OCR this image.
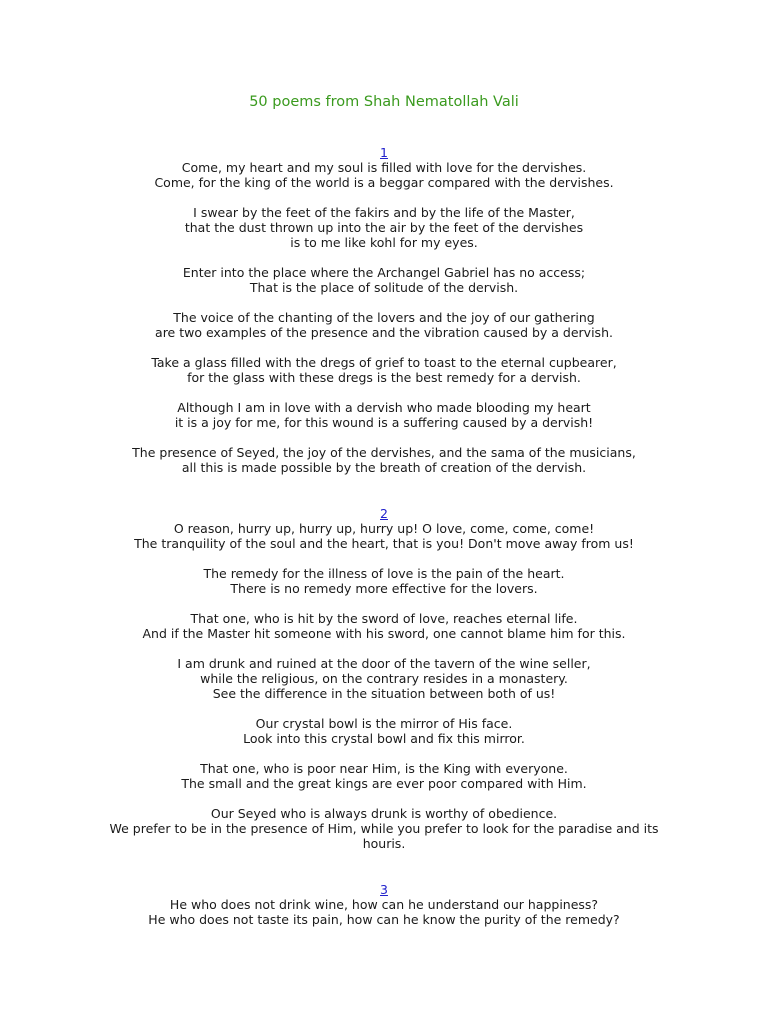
50 poems from Shah Nematollah Vali
1
Come, my heart and my soul is filled with love for the dervishes.
Come, for the king of the world is a beggar compared with the dervishes.
I swear by the feet of the fakirs and by the life of the Master,
that the dust thrown up into the air by the feet of the dervishes
is to me like kohl for my eyes.
Enter into the place where the Archangel Gabriel has no access;
That is the place of solitude of the dervish.
The voice of the chanting of the lovers and the joy of our gathering
are two examples of the presence and the vibration caused by a dervish.
Take a glass filled with the dregs of grief to toast to the eternal cupbearer,
for the glass with these dregs is the best remedy for a dervish.
Although I am in love with a dervish who made blooding my heart
it is a joy for me, for this wound is a suffering caused by a dervish!
The presence of Seyed, the joy of the dervishes, and the sama of the musicians,
all this is made possible by the breath of creation of the dervish.
2
O reason, hurry up, hurry up, hurry up! O love, come, come, come!
The tranquility of the soul and the heart, that is you! Don't move away from us!
The remedy for the illness of love is the pain of the heart.
There is no remedy more effective for the lovers.
That one, who is hit by the sword of love, reaches eternal life.
And if the Master hit someone with his sword, one cannot blame him for this.
I am drunk and ruined at the door of the tavern of the wine seller,
while the religious, on the contrary resides in a monastery.
See the difference in the situation between both of us!
Our crystal bowl is the mirror of His face.
Look into this crystal bowl and fix this mirror.
That one, who is poor near Him, is the King with everyone.
The small and the great kings are ever poor compared with Him.
Our Seyed who is always drunk is worthy of obedience.
We prefer to be in the presence of Him, while you prefer to look for the paradise and its houris.
3
He who does not drink wine, how can he understand our happiness?
He who does not taste its pain, how can he know the purity of the remedy?
